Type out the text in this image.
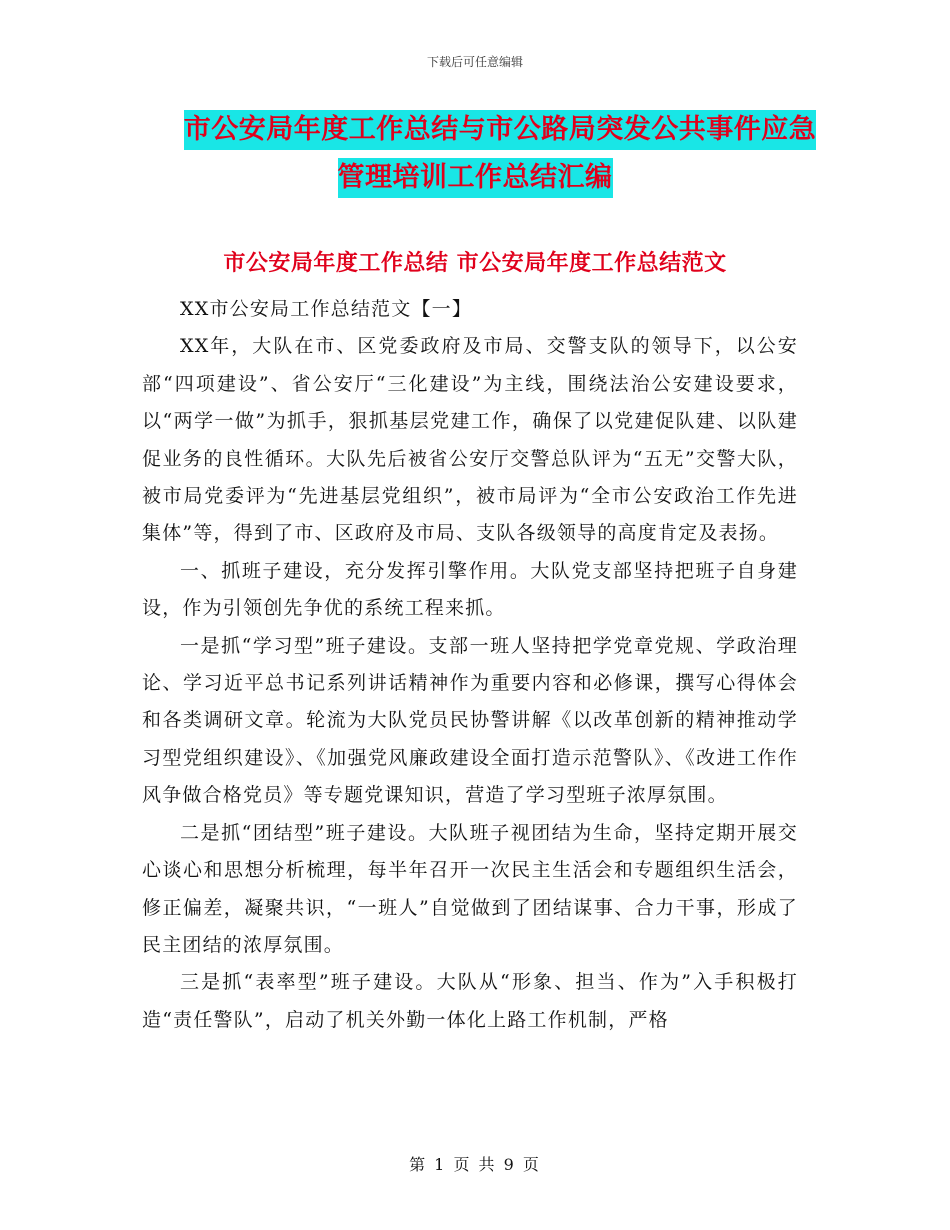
下载后可任意编辑
市公安局年度工作总结与市公路局突发公共事件应急
管理培训工作总结汇编
市公安局年度工作总结 市公安局年度工作总结范文

XX市公安局工作总结范文【一】

XX年，大队在市、区党委政府及市局、交警支队的领导下，以公安部“四项建设”、省公安厅“三化建设”为主线，围绕法治公安建设要求，以“两学一做”为抓手，狠抓基层党建工作，确保了以党建促队建、以队建促业务的良性循环。大队先后被省公安厅交警总队评为“五无”交警大队，被市局党委评为“先进基层党组织”，被市局评为“全市公安政治工作先进集体”等，得到了市、区政府及市局、支队各级领导的高度肯定及表扬。

一、抓班子建设，充分发挥引擎作用。大队党支部坚持把班子自身建设，作为引领创先争优的系统工程来抓。

一是抓“学习型”班子建设。支部一班人坚持把学党章党规、学政治理论、学习近平总书记系列讲话精神作为重要内容和必修课，撰写心得体会和各类调研文章。轮流为大队党员民协警讲解《以改革创新的精神推动学习型党组织建设》、《加强党风廉政建设全面打造示范警队》、《改进工作作风争做合格党员》等专题党课知识，营造了学习型班子浓厚氛围。

二是抓“团结型”班子建设。大队班子视团结为生命，坚持定期开展交心谈心和思想分析梳理，每半年召开一次民主生活会和专题组织生活会，修正偏差，凝聚共识，“一班人”自觉做到了团结谋事、合力干事，形成了民主团结的浓厚氛围。

三是抓“表率型”班子建设。大队从“形象、担当、作为”入手积极打造“责任警队”，启动了机关外勤一体化上路工作机制，严格

第 1 页 共 9 页
